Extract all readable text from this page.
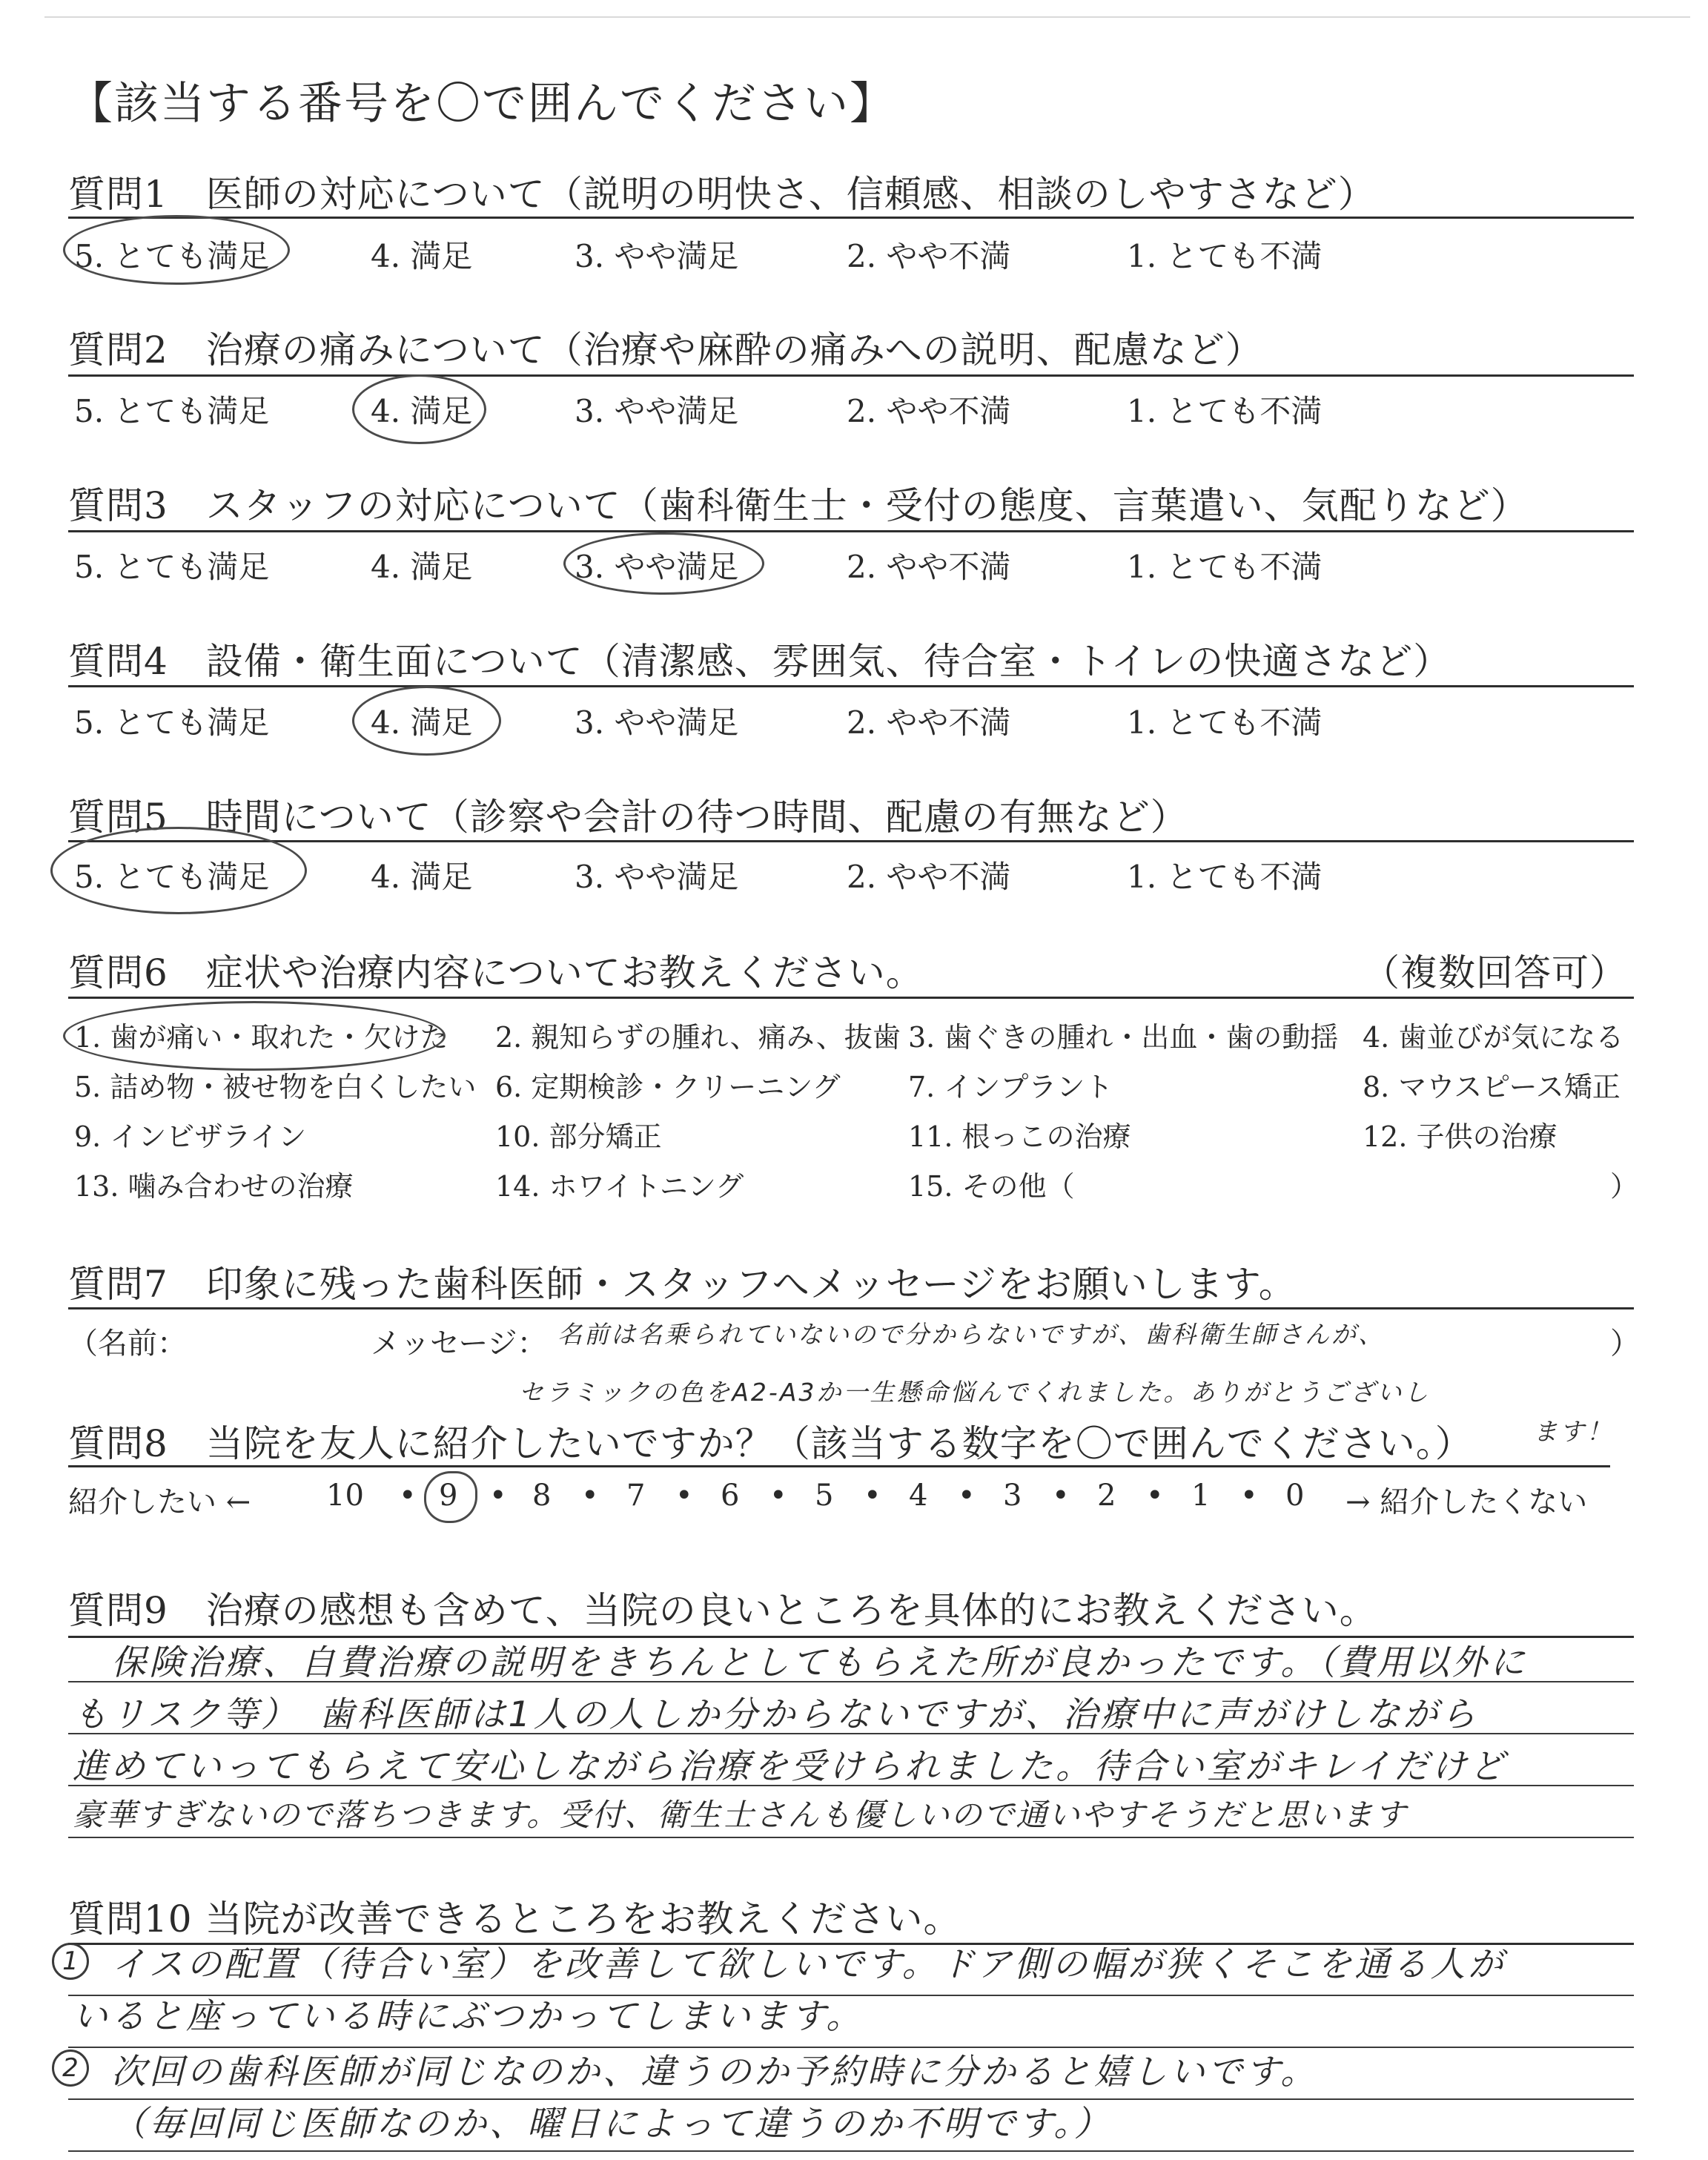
【該当する番号を〇で囲んでください】
質問1　医師の対応について（説明の明快さ、信頼感、相談のしやすさなど）
5. とても満足	4. 満足	3. やや満足	2. やや不満	1. とても不満
質問2　治療の痛みについて（治療や麻酔の痛みへの説明、配慮など）
5. とても満足	4. 満足	3. やや満足	2. やや不満	1. とても不満
質問3　スタッフの対応について（歯科衛生士・受付の態度、言葉遣い、気配りなど）
5. とても満足	4. 満足	3. やや満足	2. やや不満	1. とても不満
質問4　設備・衛生面について（清潔感、雰囲気、待合室・トイレの快適さなど）
5. とても満足	4. 満足	3. やや満足	2. やや不満	1. とても不満
質問5　時間について（診察や会計の待つ時間、配慮の有無など）
5. とても満足	4. 満足	3. やや満足	2. やや不満	1. とても不満
質問6　症状や治療内容についてお教えください。	（複数回答可）
1. 歯が痛い・取れた・欠けた 2. 親知らずの腫れ、痛み、抜歯 3. 歯ぐきの腫れ・出血・歯の動揺 4. 歯並びが気になる
5. 詰め物・被せ物を白くしたい 6. 定期検診・クリーニング 7. インプラント	8. マウスピース矯正
9. インビザライン	10. 部分矯正	11. 根っこの治療	12. 子供の治療
13. 噛み合わせの治療	14. ホワイトニング	15. その他（	）
質問7　印象に残った歯科医師・スタッフへメッセージをお願いします。
（名前：	メッセージ：	）
名前は名乗られていないので分からないですが、歯科衛生師さんが、
セラミックの色をA2-A3か一生懸命悩んでくれました。ありがとうございし
ます！
質問8　当院を友人に紹介したいですか？（該当する数字を〇で囲んでください。）
紹介したい ←	→ 紹介したくない
10 • 9 • 8 • 7 • 6 • 5 • 4 • 3 • 2 • 1 • 0
質問9　治療の感想も含めて、当院の良いところを具体的にお教えください。
保険治療、自費治療の説明をきちんとしてもらえた所が良かったです。（費用以外に
もリスク等）　歯科医師は1人の人しか分からないですが、治療中に声がけしながら
進めていってもらえて安心しながら治療を受けられました。待合い室がキレイだけど
豪華すぎないので落ちつきます。受付、衛生士さんも優しいので通いやすそうだと思います
質問10 当院が改善できるところをお教えください。
1 イスの配置（待合い室）を改善して欲しいです。ドア側の幅が狭くそこを通る人が
いると座っている時にぶつかってしまいます。
2 次回の歯科医師が同じなのか、違うのか予約時に分かると嬉しいです。
（毎回同じ医師なのか、曜日によって違うのか不明です。）
